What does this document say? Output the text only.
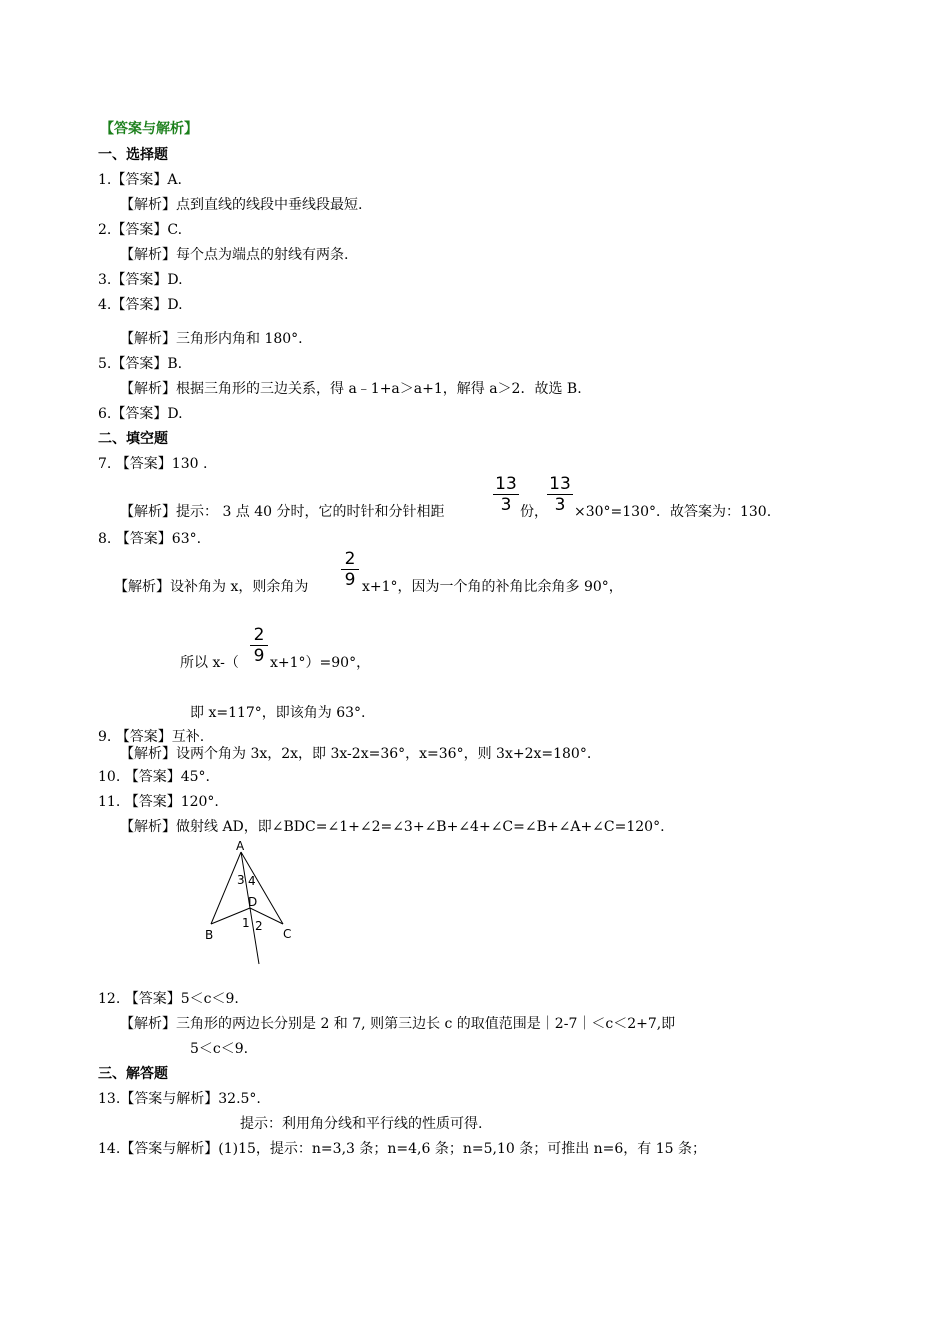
【答案与解析】
一、选择题
1.【答案】A.
【解析】点到直线的线段中垂线段最短.
2.【答案】C.
【解析】每个点为端点的射线有两条.
3.【答案】D.
4.【答案】D.
【解析】三角形内角和 180°.
5.【答案】B.
【解析】根据三角形的三边关系，得 a﹣1+a＞a+1，解得 a＞2．故选 B.
6.【答案】D.
二、填空题
7. 【答案】130 .
【解析】提示： 3 点 40 分时，它的时针和分针相距
13
3 份，
13
3 ×30°=130°．故答案为：130.
8. 【答案】63°.
【解析】设补角为 x，则余角为
2
9 x+1°，因为一个角的补角比余角多 90°，
所以 x-（
2
9 x+1°）=90°，
即 x=117°，即该角为 63°.
9. 【答案】互补.
【解析】设两个角为 3x，2x，即 3x-2x=36°，x=36°，则 3x+2x=180°.
10. 【答案】45°.
11. 【答案】120°.
【解析】做射线 AD，即∠BDC=∠1+∠2=∠3+∠B+∠4+∠C=∠B+∠A+∠C=120°.
A
B	C
D
3 4
1 2
12. 【答案】5＜c＜9.
【解析】三角形的两边长分别是 2 和 7, 则第三边长 c 的取值范围是｜2-7｜＜c＜2+7,即
5＜c＜9.
三、解答题
13.【答案与解析】32.5°.
提示：利用角分线和平行线的性质可得.
14.【答案与解析】(1)15，提示：n=3,3 条；n=4,6 条；n=5,10 条；可推出 n=6，有 15 条；
